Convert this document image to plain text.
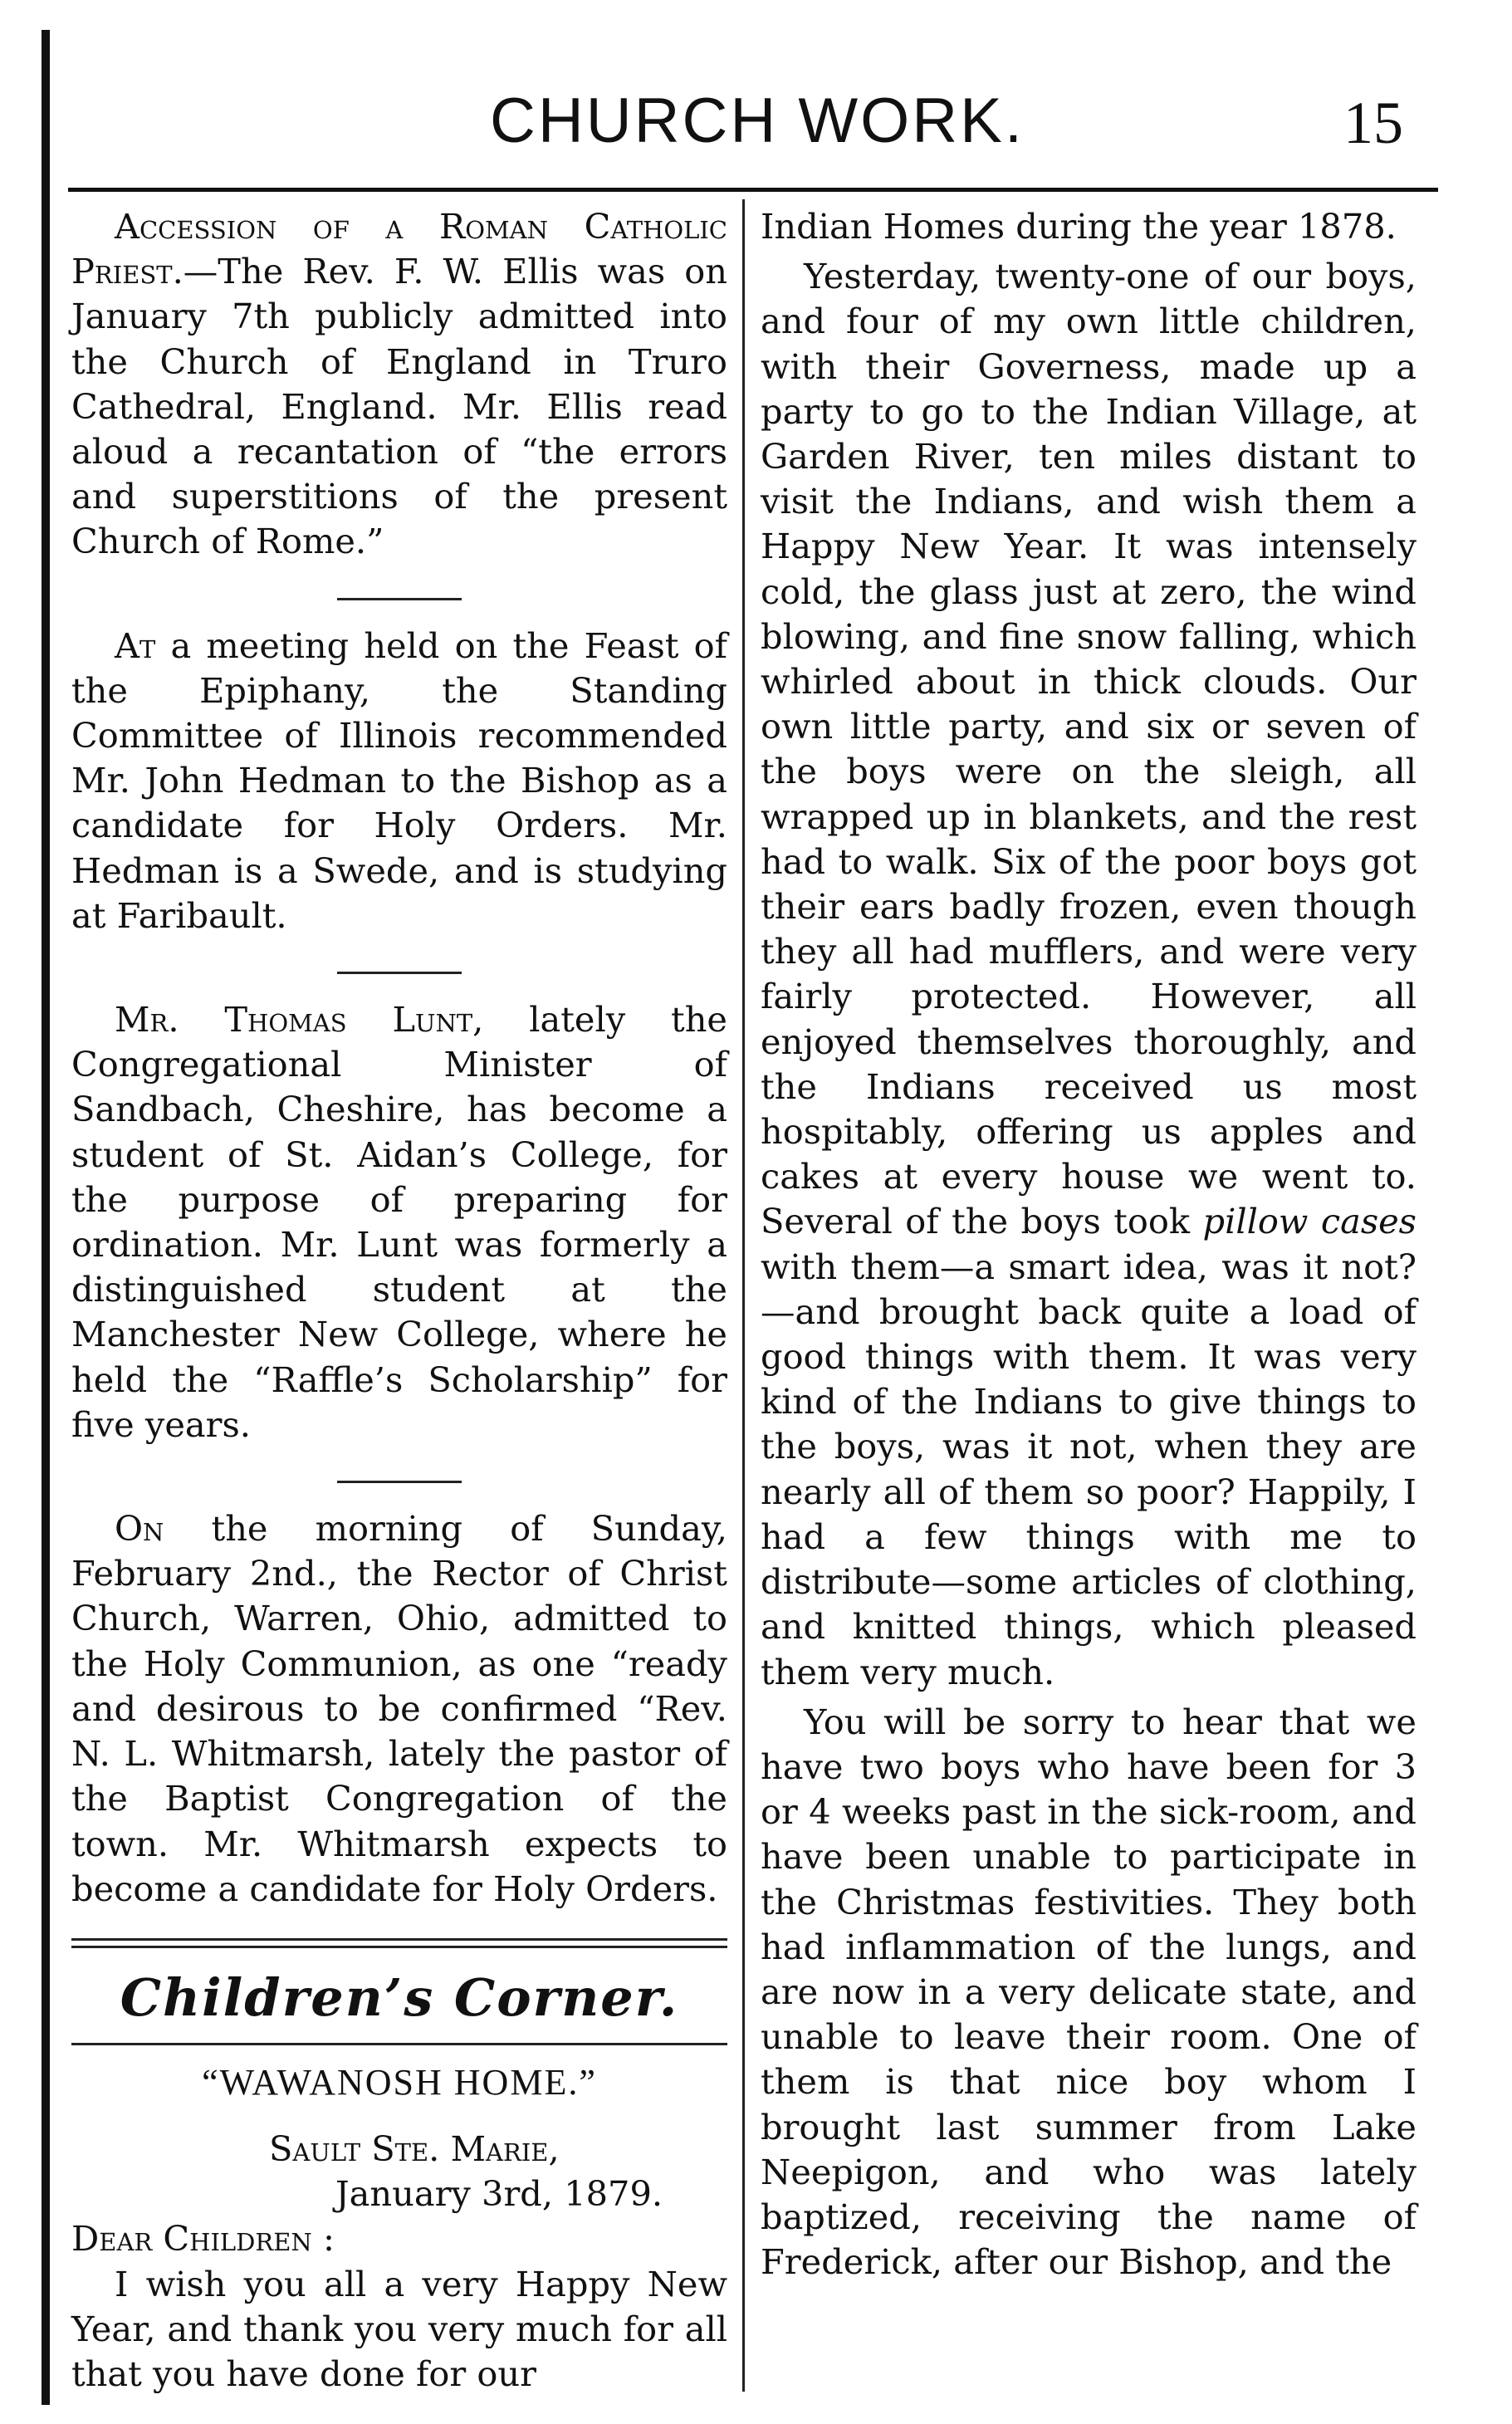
CHURCH WORK.	15

Accession of a Roman Catholic Priest.—The Rev. F. W. Ellis was on January 7th publicly admitted into the Church of England in Truro Cathedral, England. Mr. Ellis read aloud a recantation of “the errors and superstitions of the present Church of Rome.”

At a meeting held on the Feast of the Epiphany, the Standing Committee of Illinois recommended Mr. John Hedman to the Bishop as a candidate for Holy Orders. Mr. Hedman is a Swede, and is studying at Faribault.

Mr. Thomas Lunt, lately the Congregational Minister of Sandbach, Cheshire, has become a student of St. Aidan’s College, for the purpose of preparing for ordination. Mr. Lunt was formerly a distinguished student at the Manchester New College, where he held the “Raffle’s Scholarship” for five years.

On the morning of Sunday, February 2nd., the Rector of Christ Church, Warren, Ohio, admitted to the Holy Communion, as one “ready and desirous to be confirmed “Rev. N. L. Whitmarsh, lately the pastor of the Baptist Congregation of the town. Mr. Whitmarsh expects to become a candidate for Holy Orders.

Children’s Corner.
“WAWANOSH HOME.”

Sault Ste. Marie,

January 3rd, 1879.

Dear Children :

I wish you all a very Happy New Year, and thank you very much for all that you have done for our

Indian Homes during the year 1878.

Yesterday, twenty-one of our boys, and four of my own little children, with their Governess, made up a party to go to the Indian Village, at Garden River, ten miles distant to visit the Indians, and wish them a Happy New Year. It was intensely cold, the glass just at zero, the wind blowing, and fine snow falling, which whirled about in thick clouds. Our own little party, and six or seven of the boys were on the sleigh, all wrapped up in blankets, and the rest had to walk. Six of the poor boys got their ears badly frozen, even though they all had mufflers, and were very fairly protected. However, all enjoyed themselves thoroughly, and the Indians received us most hospitably, offering us apples and cakes at every house we went to. Several of the boys took pillow cases with them—a smart idea, was it not?—and brought back quite a load of good things with them. It was very kind of the Indians to give things to the boys, was it not, when they are nearly all of them so poor? Happily, I had a few things with me to distribute—some articles of clothing, and knitted things, which pleased them very much.

You will be sorry to hear that we have two boys who have been for 3 or 4 weeks past in the sick-room, and have been unable to participate in the Christmas festivities. They both had inflammation of the lungs, and are now in a very delicate state, and unable to leave their room. One of them is that nice boy whom I brought last summer from Lake Neepigon, and who was lately baptized, receiving the name of Frederick, after our Bishop, and the
